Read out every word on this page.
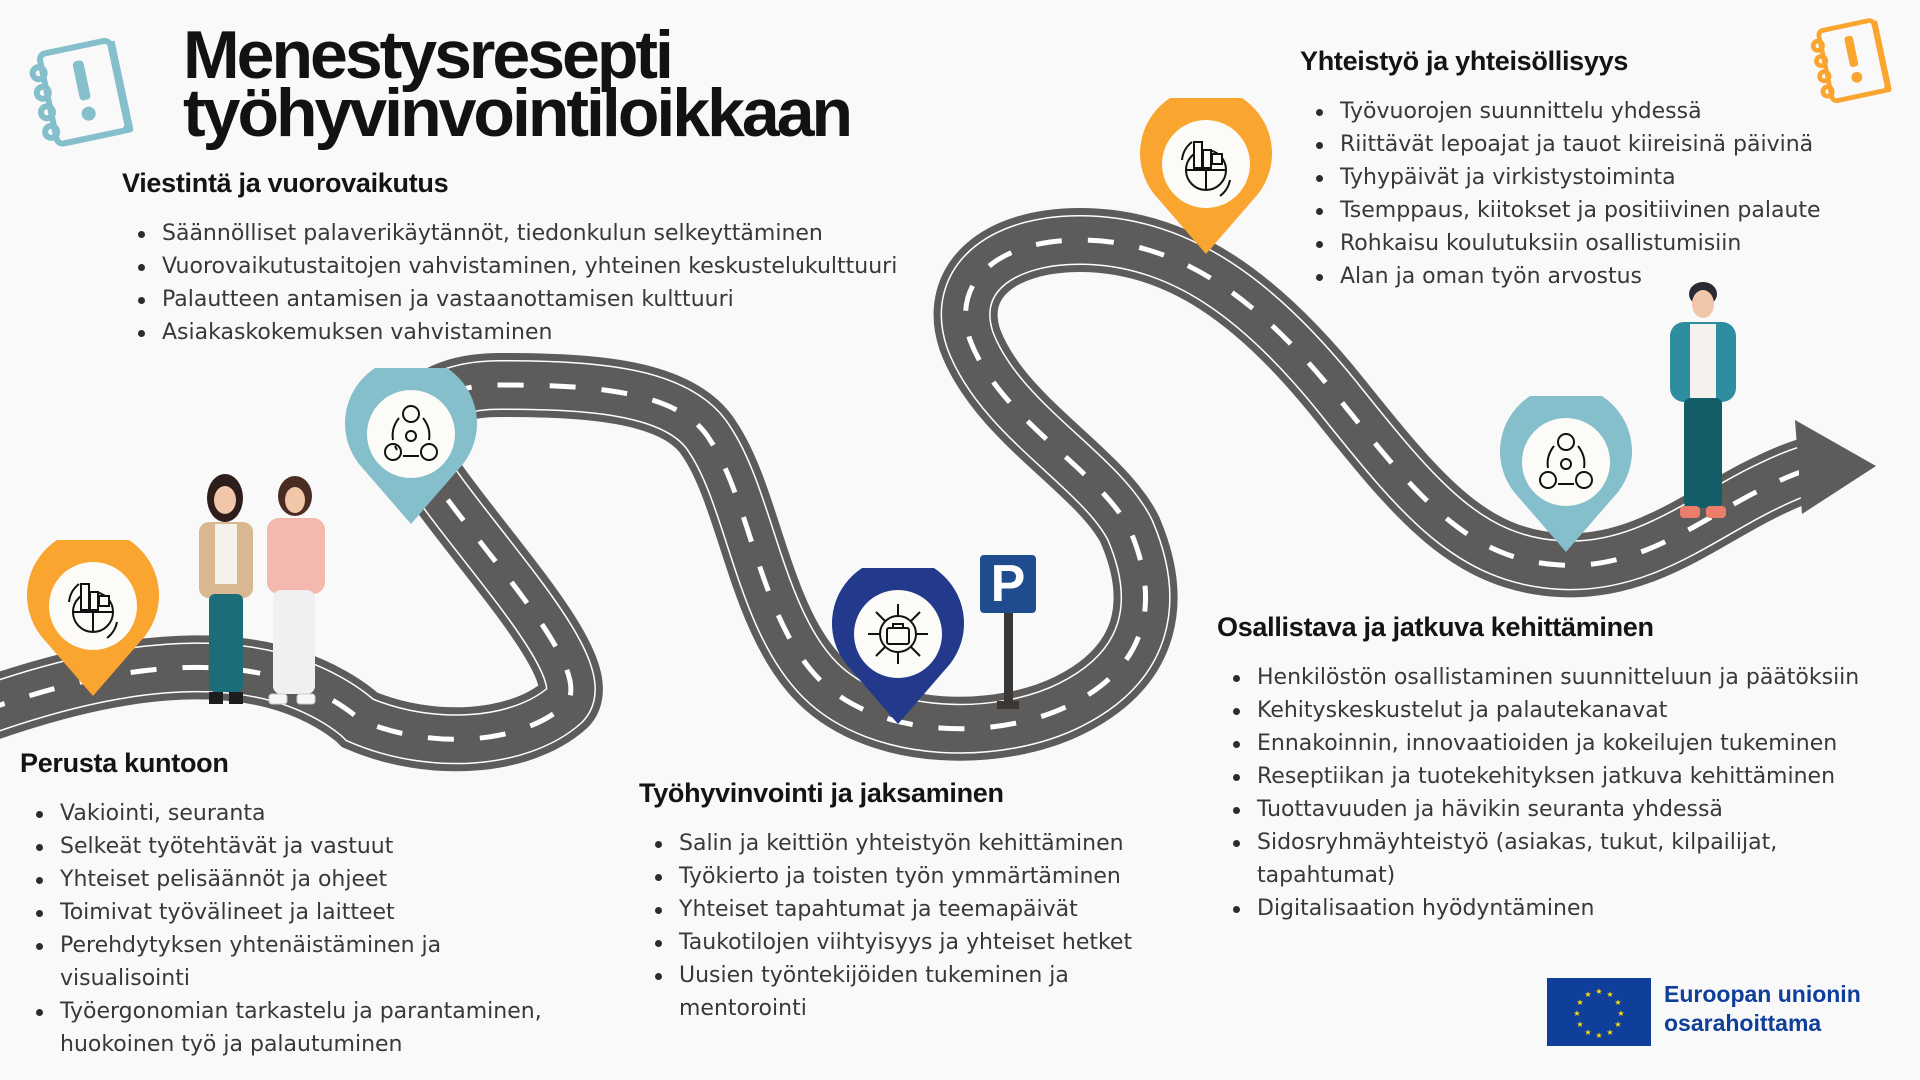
Menestysresepti
työhyvinvointiloikkaan
P
Viestintä ja vuorovaikutus
Säännölliset palaverikäytännöt, tiedonkulun selkeyttäminen
Vuorovaikutustaitojen vahvistaminen, yhteinen keskustelukulttuuri
Palautteen antamisen ja vastaanottamisen kulttuuri
Asiakaskokemuksen vahvistaminen
Perusta kuntoon
Vakiointi, seuranta
Selkeät työtehtävät ja vastuut
Yhteiset pelisäännöt ja ohjeet
Toimivat työvälineet ja laitteet
Perehdytyksen yhtenäistäminen ja visualisointi
Työergonomian tarkastelu ja parantaminen, huokoinen työ ja palautuminen
Työhyvinvointi ja jaksaminen
Salin ja keittiön yhteistyön kehittäminen
Työkierto ja toisten työn ymmärtäminen
Yhteiset tapahtumat ja teemapäivät
Taukotilojen viihtyisyys ja yhteiset hetket
Uusien työntekijöiden tukeminen ja mentorointi
Yhteistyö ja yhteisöllisyys
Työvuorojen suunnittelu yhdessä
Riittävät lepoajat ja tauot kiireisinä päivinä
Tyhypäivät ja virkistystoiminta
Tsemppaus, kiitokset ja positiivinen palaute
Rohkaisu koulutuksiin osallistumisiin
Alan ja oman työn arvostus
Osallistava ja jatkuva kehittäminen
Henkilöstön osallistaminen suunnitteluun ja päätöksiin
Kehityskeskustelut ja palautekanavat
Ennakoinnin, innovaatioiden ja kokeilujen tukeminen
Reseptiikan ja tuotekehityksen jatkuva kehittäminen
Tuottavuuden ja hävikin seuranta yhdessä
Sidosryhmäyhteistyö (asiakas, tukut, kilpailijat, tapahtumat)
Digitalisaation hyödyntäminen
★ ★
★
★
★
★
★
★
★
★
★
★	Euroopan unionin
osarahoittama
